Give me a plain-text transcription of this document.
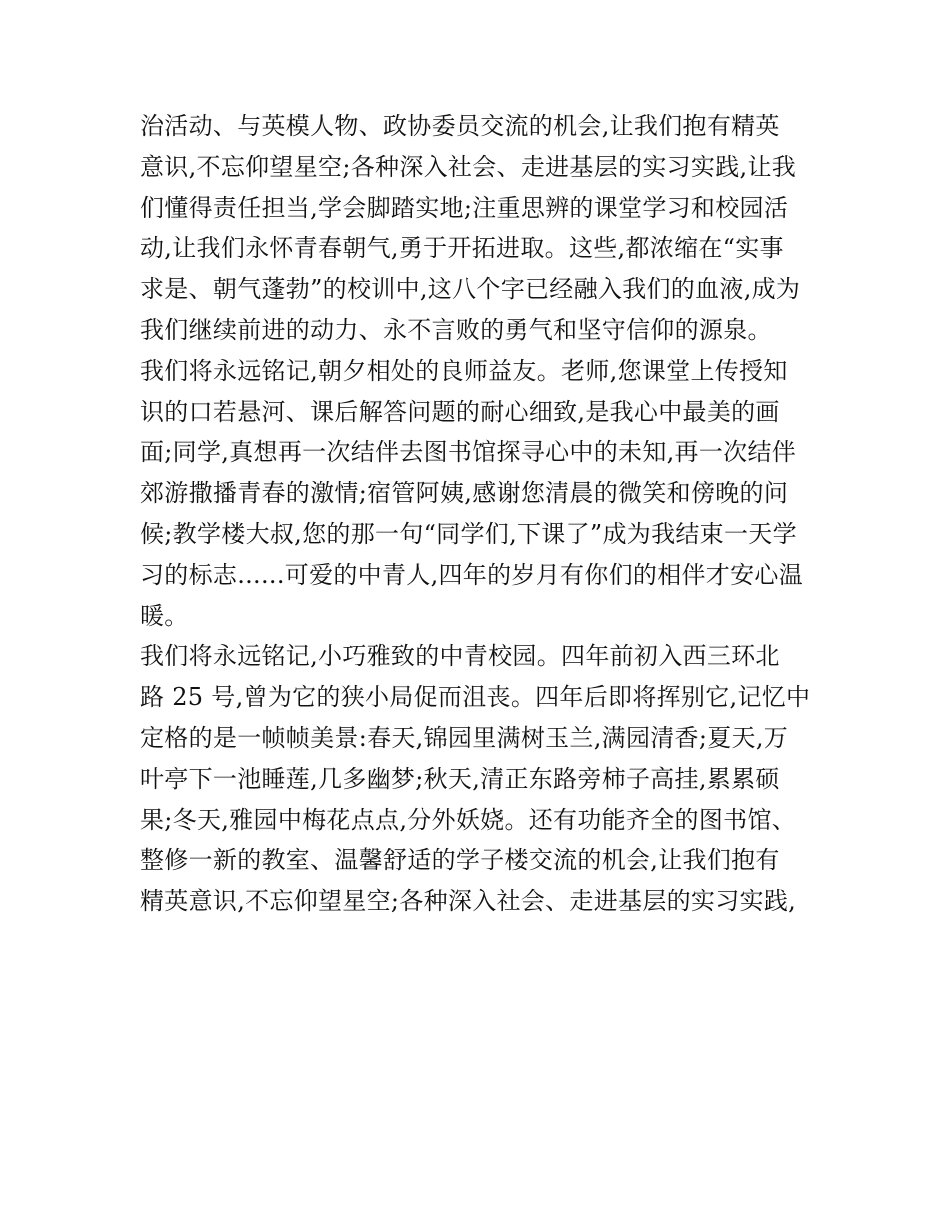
治活动、与英模人物、政协委员交流的机会,让我们抱有精英
意识,不忘仰望星空;各种深入社会、走进基层的实习实践,让我
们懂得责任担当,学会脚踏实地;注重思辨的课堂学习和校园活
动,让我们永怀青春朝气,勇于开拓进取。这些,都浓缩在“实事
求是、朝气蓬勃”的校训中,这八个字已经融入我们的血液,成为
我们继续前进的动力、永不言败的勇气和坚守信仰的源泉。
我们将永远铭记,朝夕相处的良师益友。老师,您课堂上传授知
识的口若悬河、课后解答问题的耐心细致,是我心中最美的画
面;同学,真想再一次结伴去图书馆探寻心中的未知,再一次结伴
郊游撒播青春的激情;宿管阿姨,感谢您清晨的微笑和傍晚的问
候;教学楼大叔,您的那一句“同学们,下课了”成为我结束一天学
习的标志......可爱的中青人,四年的岁月有你们的相伴才安心温
暖。
我们将永远铭记,小巧雅致的中青校园。四年前初入西三环北
路 25 号,曾为它的狭小局促而沮丧。四年后即将挥别它,记忆中
定格的是一帧帧美景:春天,锦园里满树玉兰,满园清香;夏天,万
叶亭下一池睡莲,几多幽梦;秋天,清正东路旁柿子高挂,累累硕
果;冬天,雅园中梅花点点,分外妖娆。还有功能齐全的图书馆、
整修一新的教室、温馨舒适的学子楼交流的机会,让我们抱有
精英意识,不忘仰望星空;各种深入社会、走进基层的实习实践,
